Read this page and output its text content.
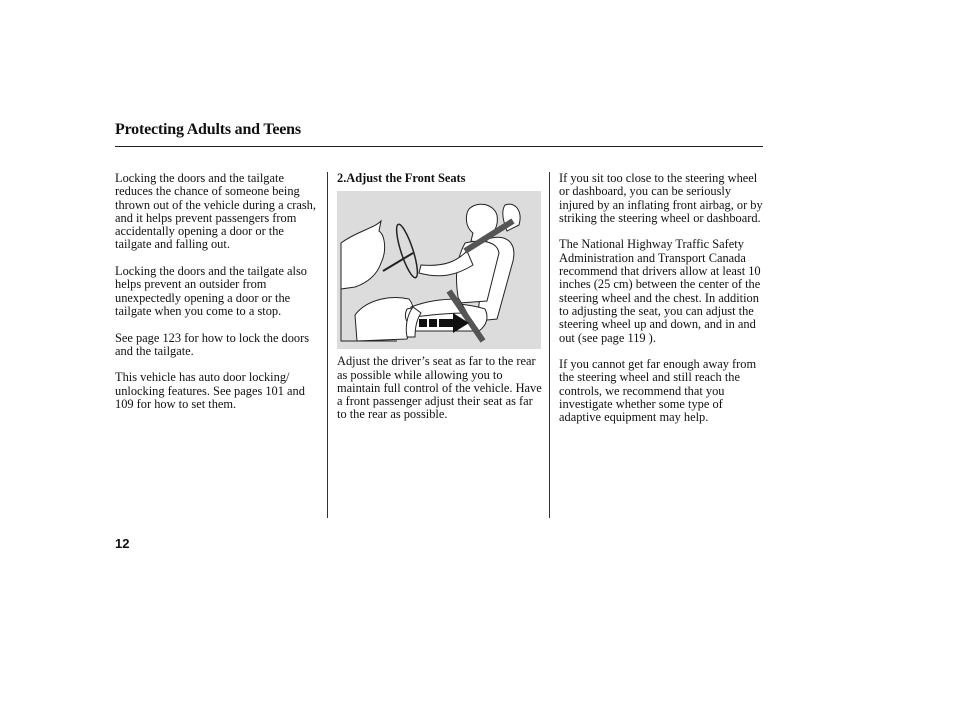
Protecting Adults and Teens

Locking the doors and the tailgate reduces the chance of someone being thrown out of the vehicle during a crash, and it helps prevent passengers from accidentally opening a door or the tailgate and falling out.

Locking the doors and the tailgate also helps prevent an outsider from unexpectedly opening a door or the tailgate when you come to a stop.

See page 123 for how to lock the doors and the tailgate.

This vehicle has auto door locking/ unlocking features. See pages 101 and 109 for how to set them.

2.Adjust the Front Seats

Adjust the driver’s seat as far to the rear as possible while allowing you to maintain full control of the vehicle. Have a front passenger adjust their seat as far to the rear as possible.

If you sit too close to the steering wheel or dashboard, you can be seriously injured by an inflating front airbag, or by striking the steering wheel or dashboard.

The National Highway Traffic Safety Administration and Transport Canada recommend that drivers allow at least 10 inches (25 cm) between the center of the steering wheel and the chest. In addition to adjusting the seat, you can adjust the steering wheel up and down, and in and out (see page 119 ).

If you cannot get far enough away from the steering wheel and still reach the controls, we recommend that you investigate whether some type of adaptive equipment may help.

12
